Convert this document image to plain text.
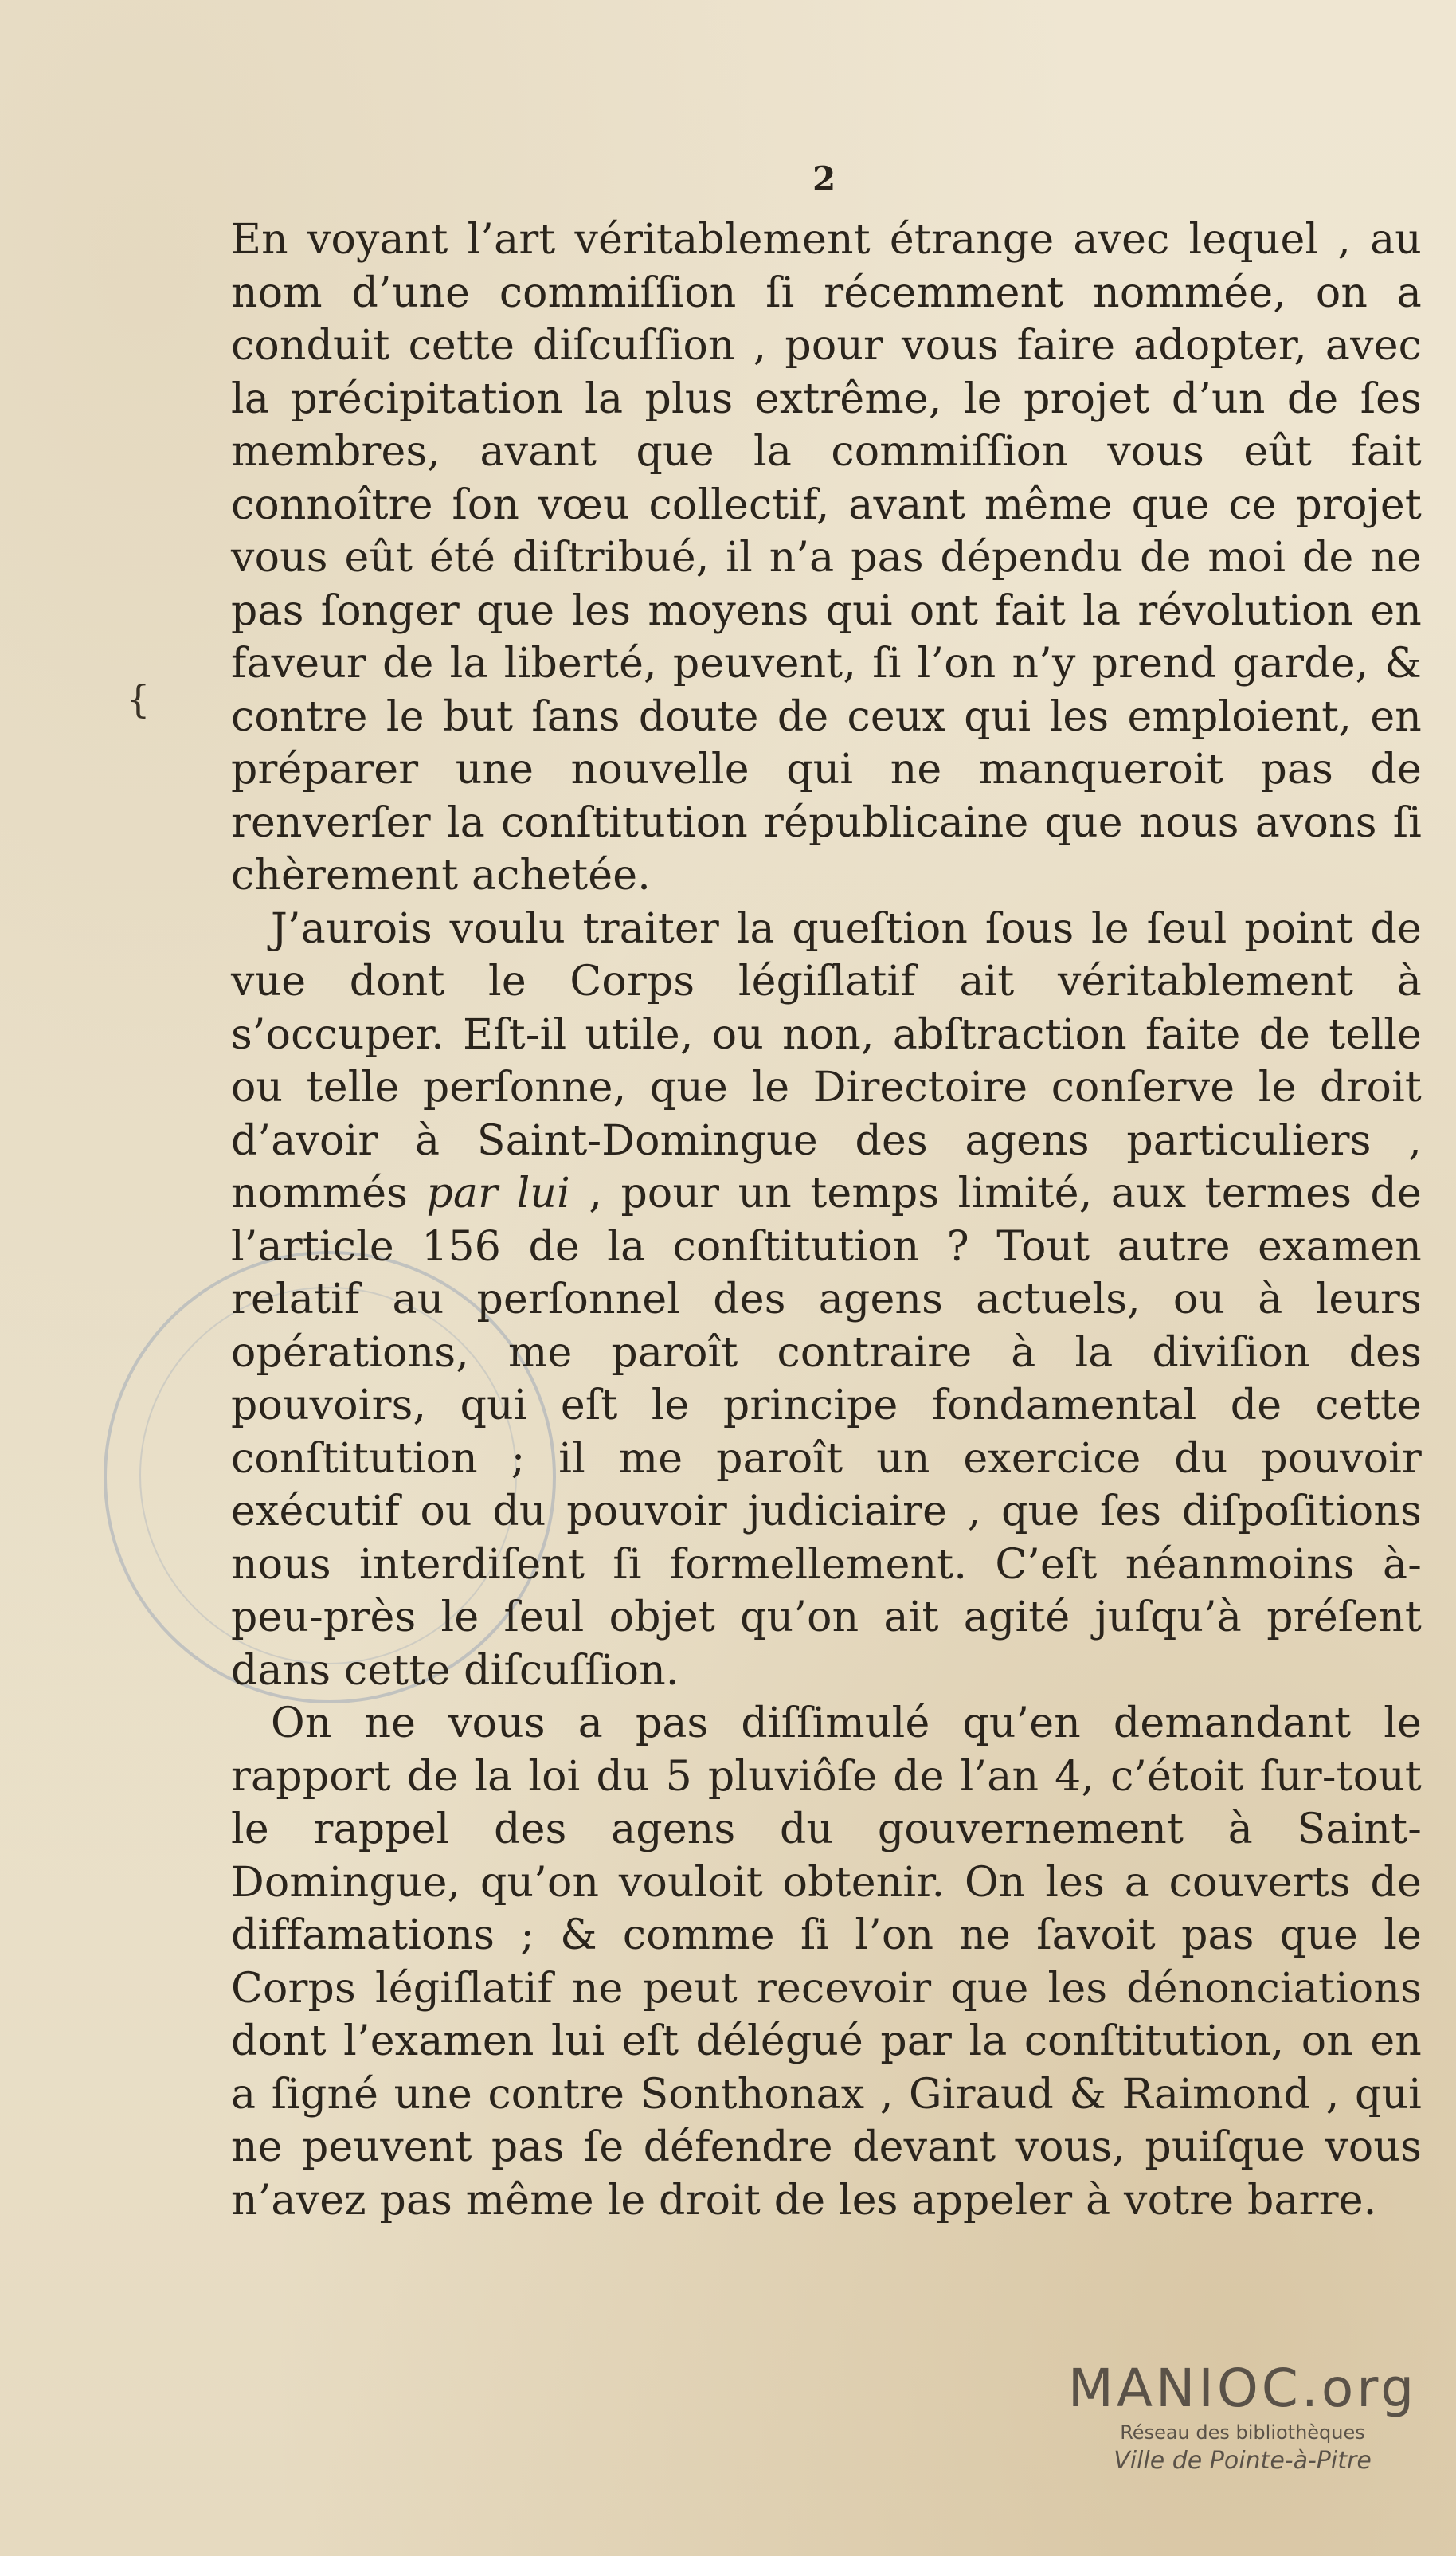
2
{

En voyant l’art véritablement étrange avec lequel , au nom d’une commiſſion ſi récemment nommée, on a conduit cette diſcuſſion , pour vous faire adopter, avec la précipitation la plus extrême, le projet d’un de ſes membres, avant que la commiſſion vous eût fait connoître ſon vœu collectif, avant même que ce projet vous eût été diſtribué, il n’a pas dépendu de moi de ne pas ſonger que les moyens qui ont fait la révolution en faveur de la liberté, peuvent, ſi l’on n’y prend garde, & contre le but ſans doute de ceux qui les emploient, en préparer une nouvelle qui ne manqueroit pas de renverſer la conſtitution républicaine que nous avons ſi chèrement achetée.

J’aurois voulu traiter la queſtion ſous le ſeul point de vue dont le Corps légiſlatif ait véritablement à s’occuper. Eſt-il utile, ou non, abſtraction faite de telle ou telle perſonne, que le Directoire conſerve le droit d’avoir à Saint-Domingue des agens particuliers , nommés par lui , pour un temps limité, aux termes de l’article 156 de la conſtitution ? Tout autre examen relatif au perſonnel des agens actuels, ou à leurs opérations, me paroît contraire à la diviſion des pouvoirs, qui eſt le principe fondamental de cette conſtitution ; il me paroît un exercice du pouvoir exécutif ou du pouvoir judiciaire , que ſes diſpoſitions nous interdiſent ſi formellement. C’eſt néanmoins à-peu-près le ſeul objet qu’on ait agité juſqu’à préſent dans cette diſcuſſion.

On ne vous a pas diſſimulé qu’en demandant le rapport de la loi du 5 pluviôſe de l’an 4, c’étoit ſur-tout le rappel des agens du gouvernement à Saint-Domingue, qu’on vouloit obtenir. On les a couverts de diffamations ; & comme ſi l’on ne ſavoit pas que le Corps légiſlatif ne peut recevoir que les dénonciations dont l’examen lui eſt délégué par la conſtitution, on en a ſigné une contre Sonthonax , Giraud & Raimond , qui ne peuvent pas ſe défendre devant vous, puiſque vous n’avez pas même le droit de les appeler à votre barre.

MANIOC.org
Réseau des bibliothèques
Ville de Pointe-à-Pitre
